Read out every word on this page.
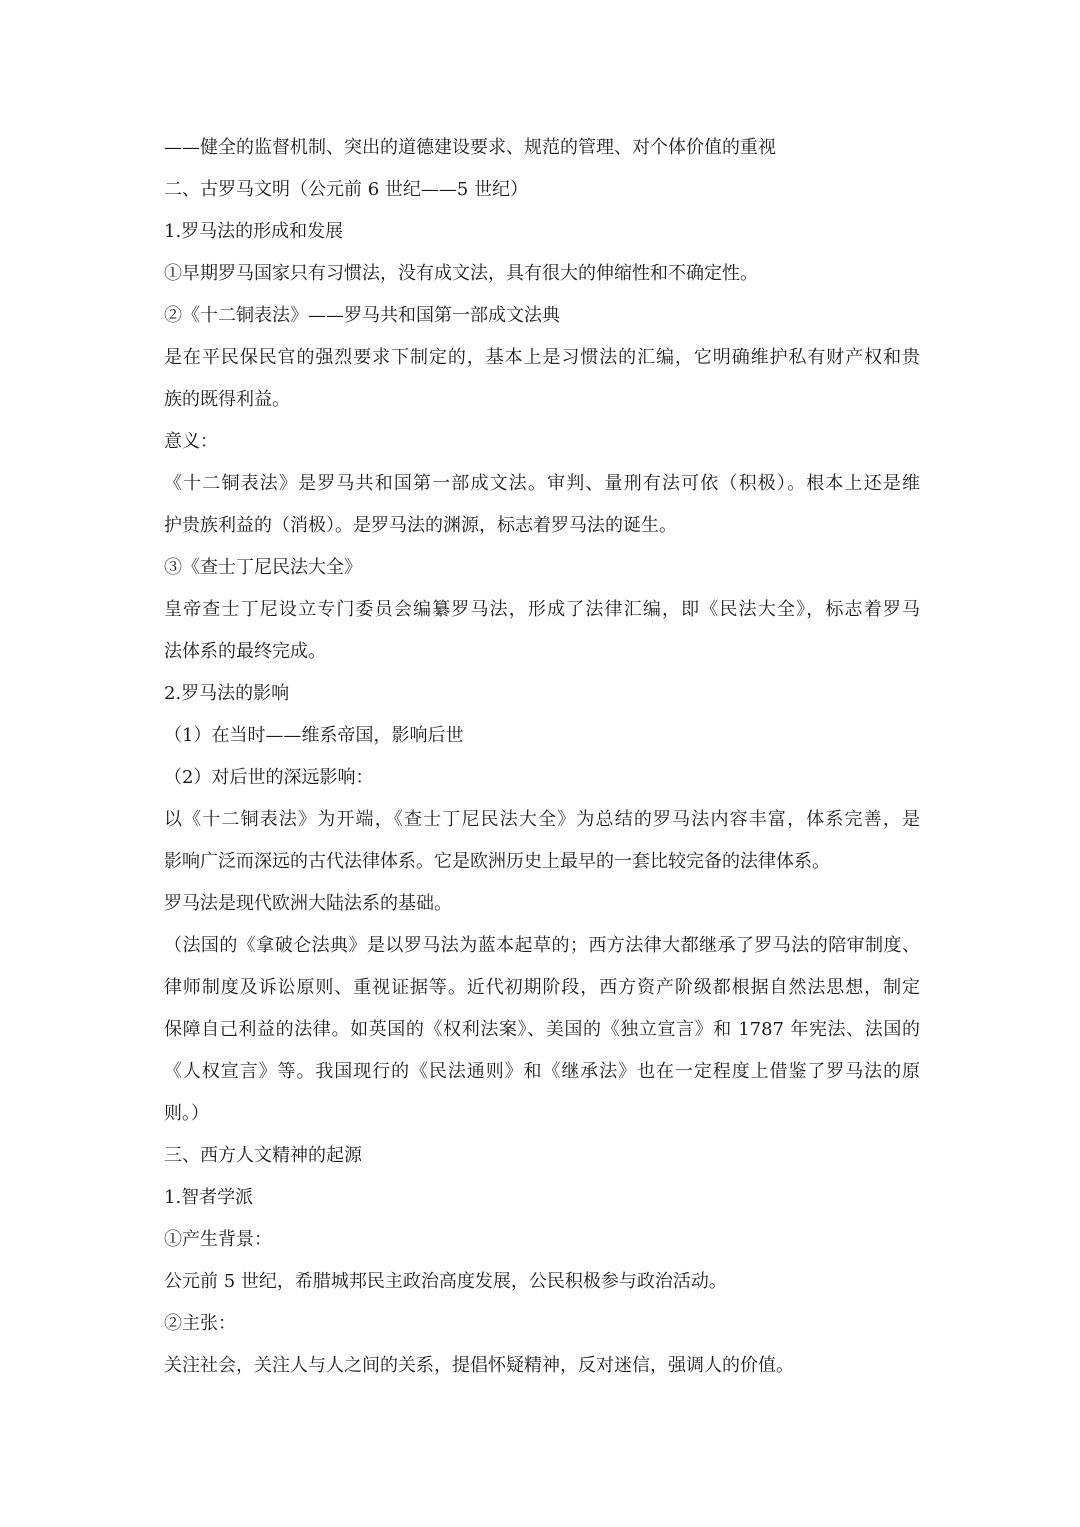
——健全的监督机制、突出的道德建设要求、规范的管理、对个体价值的重视
二、古罗马文明（公元前 6 世纪——5 世纪）
1.罗马法的形成和发展
①早期罗马国家只有习惯法，没有成文法，具有很大的伸缩性和不确定性。
②《十二铜表法》——罗马共和国第一部成文法典
是在平民保民官的强烈要求下制定的，基本上是习惯法的汇编，它明确维护私有财产权和贵
族的既得利益。
意义：
《十二铜表法》是罗马共和国第一部成文法。审判、量刑有法可依（积极）。根本上还是维
护贵族利益的（消极）。是罗马法的渊源，标志着罗马法的诞生。
③《查士丁尼民法大全》
皇帝查士丁尼设立专门委员会编纂罗马法，形成了法律汇编，即《民法大全》，标志着罗马
法体系的最终完成。
2.罗马法的影响
（1）在当时——维系帝国，影响后世
（2）对后世的深远影响：
以《十二铜表法》为开端，《查士丁尼民法大全》为总结的罗马法内容丰富，体系完善，是
影响广泛而深远的古代法律体系。它是欧洲历史上最早的一套比较完备的法律体系。
罗马法是现代欧洲大陆法系的基础。
（法国的《拿破仑法典》是以罗马法为蓝本起草的；西方法律大都继承了罗马法的陪审制度、
律师制度及诉讼原则、重视证据等。近代初期阶段，西方资产阶级都根据自然法思想，制定
保障自己利益的法律。如英国的《权利法案》、美国的《独立宣言》和 1787 年宪法、法国的
《人权宣言》等。我国现行的《民法通则》和《继承法》也在一定程度上借鉴了罗马法的原
则。）
三、西方人文精神的起源
1.智者学派
①产生背景：
公元前 5 世纪，希腊城邦民主政治高度发展，公民积极参与政治活动。
②主张：
关注社会，关注人与人之间的关系，提倡怀疑精神，反对迷信，强调人的价值。
